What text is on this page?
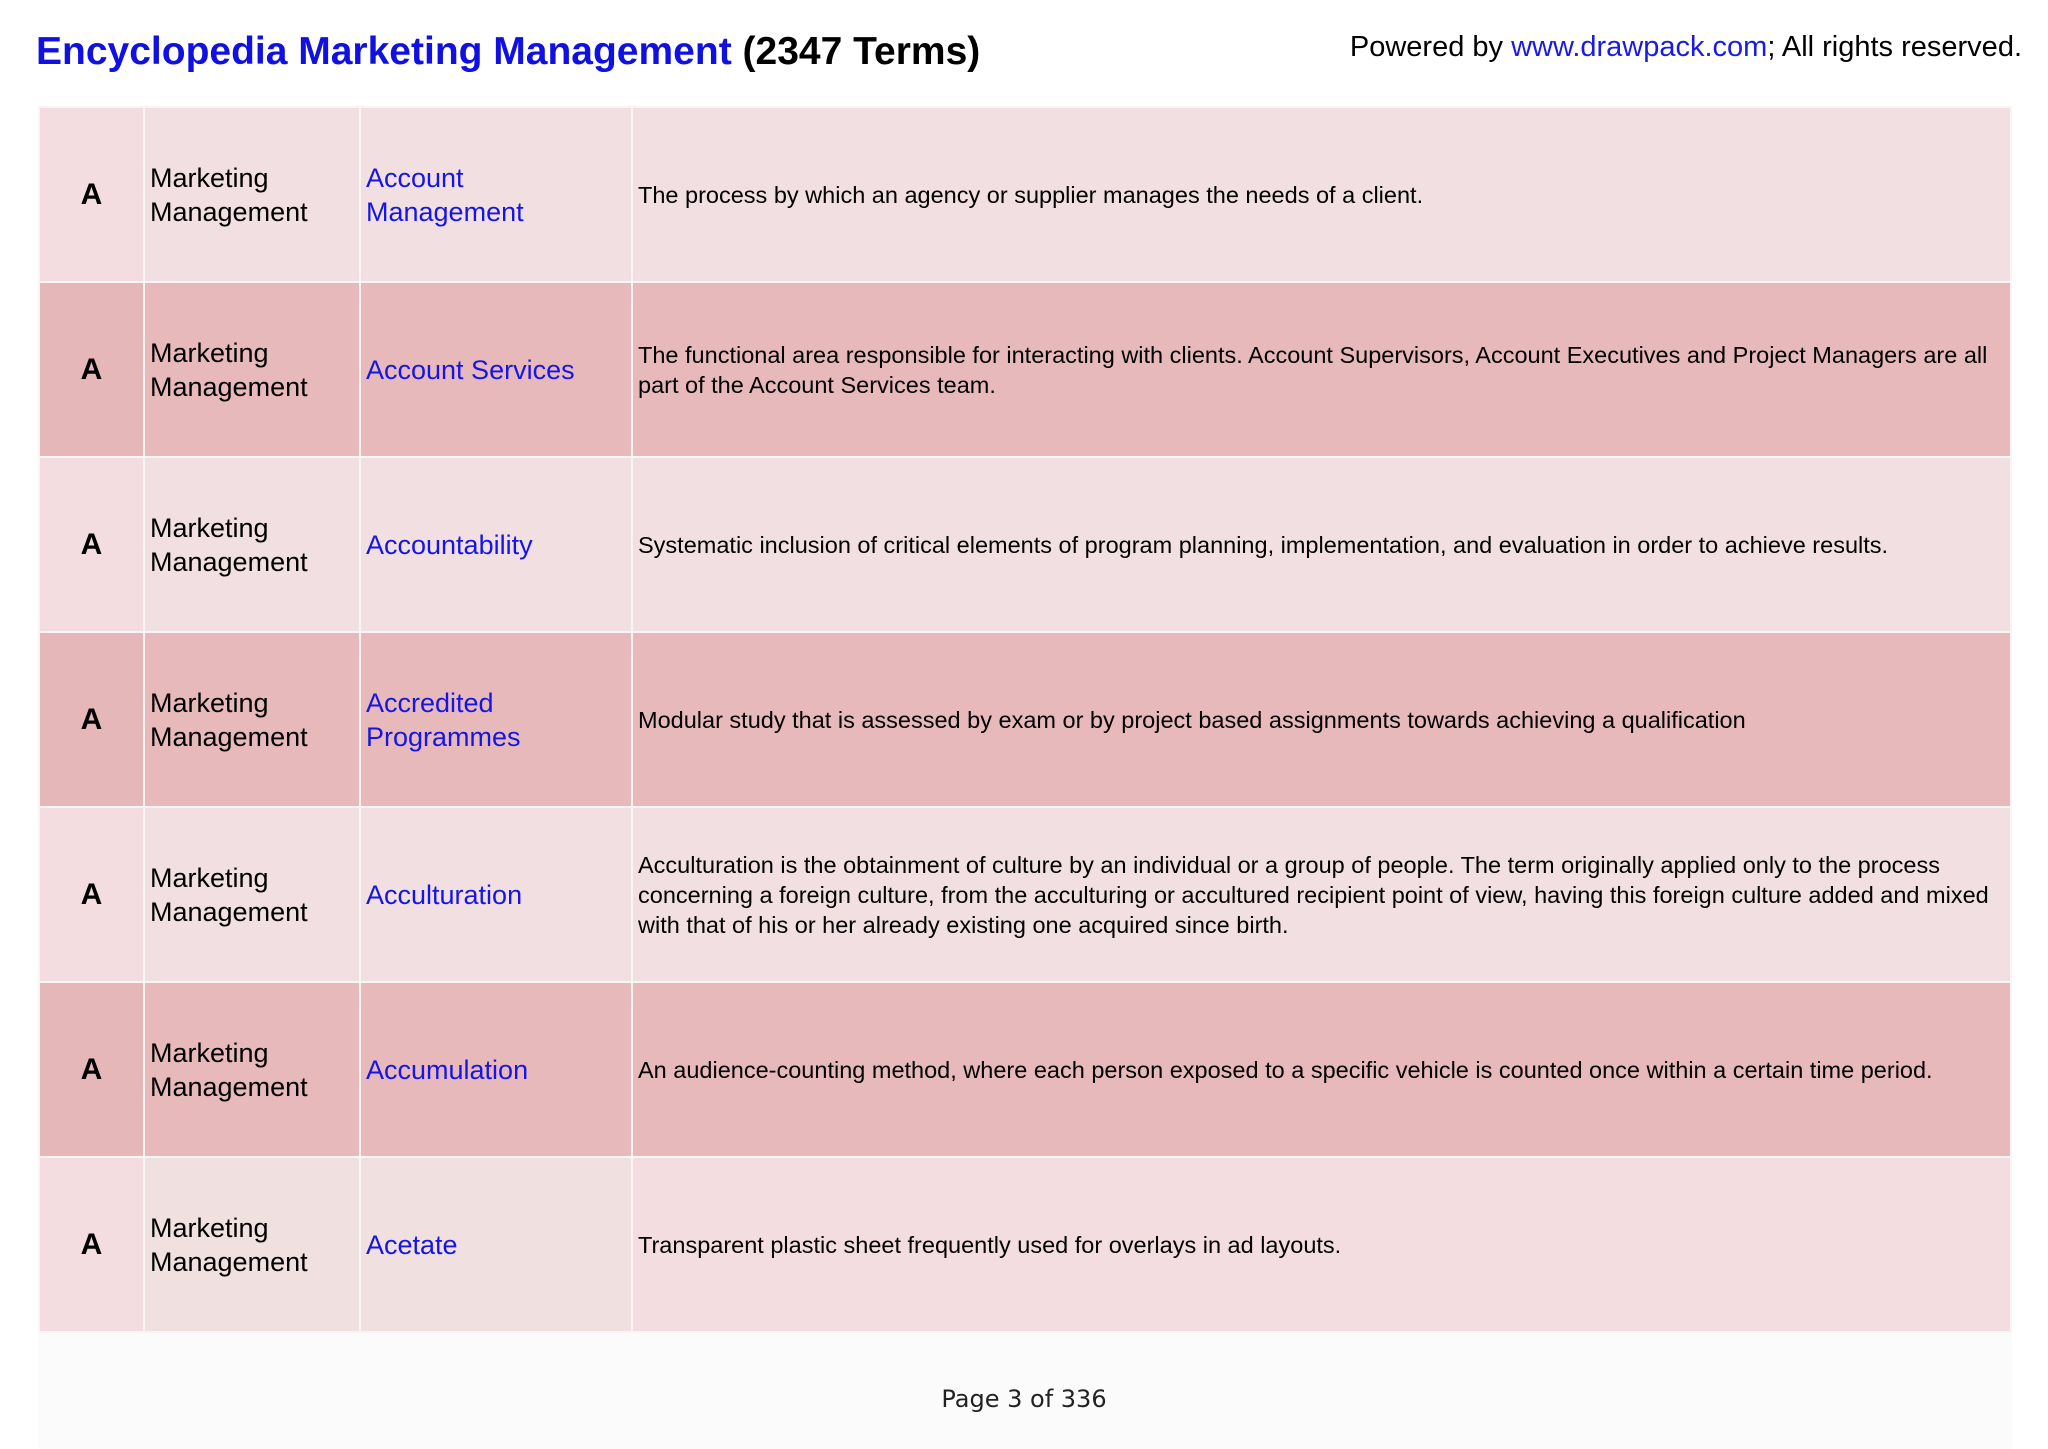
Encyclopedia Marketing Management (2347 Terms)	Powered by www.drawpack.com; All rights reserved.
A	Marketing Management	Account Management	The process by which an agency or supplier manages the needs of a client.
A	Marketing Management	Account Services	The functional area responsible for interacting with clients. Account Supervisors, Account Executives and Project Managers are all part of the Account Services team.
A	Marketing Management	Accountability	Systematic inclusion of critical elements of program planning, implementation, and evaluation in order to achieve results.
A	Marketing Management	Accredited Programmes	Modular study that is assessed by exam or by project based assignments towards achieving a qualification
A	Marketing Management	Acculturation	Acculturation is the obtainment of culture by an individual or a group of people. The term originally applied only to the process concerning a foreign culture, from the acculturing or accultured recipient point of view, having this foreign culture added and mixed with that of his or her already existing one acquired since birth.
A	Marketing Management	Accumulation	An audience-counting method, where each person exposed to a specific vehicle is counted once within a certain time period.
A	Marketing Management	Acetate	Transparent plastic sheet frequently used for overlays in ad layouts.
Page 3 of 336
